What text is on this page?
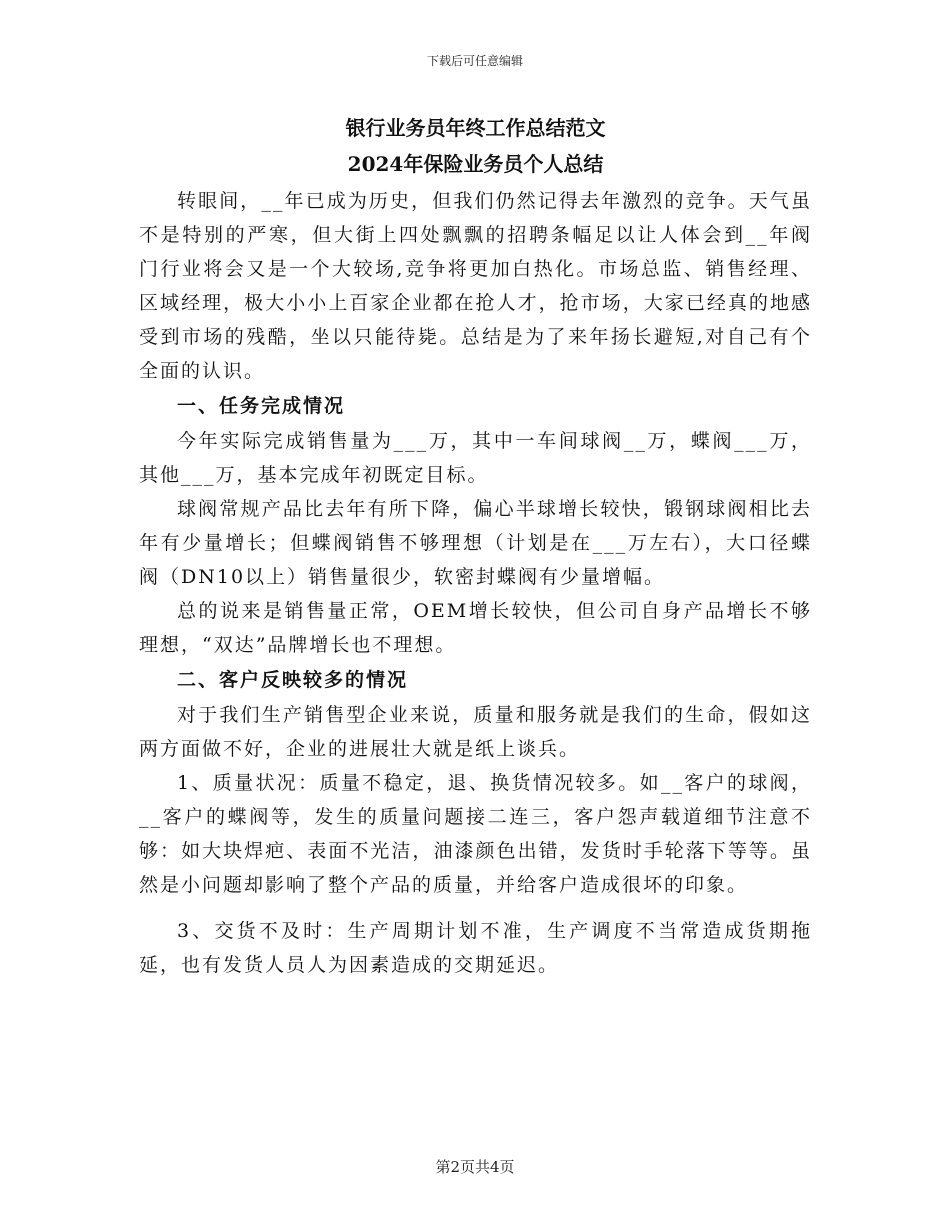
下载后可任意编辑
银行业务员年终工作总结范文
2024年保险业务员个人总结

转眼间，__年已成为历史，但我们仍然记得去年激烈的竞争。天气虽不是特别的严寒，但大街上四处飘飘的招聘条幅足以让人体会到__年阀门行业将会又是一个大较场,竞争将更加白热化。市场总监、销售经理、区域经理，极大小小上百家企业都在抢人才，抢市场，大家已经真的地感受到市场的残酷，坐以只能待毙。总结是为了来年扬长避短,对自己有个全面的认识。

一、任务完成情况

今年实际完成销售量为___万，其中一车间球阀__万，蝶阀___万，其他___万，基本完成年初既定目标。

球阀常规产品比去年有所下降，偏心半球增长较快，锻钢球阀相比去年有少量增长；但蝶阀销售不够理想（计划是在___万左右），大口径蝶阀（DN10以上）销售量很少，软密封蝶阀有少量增幅。

总的说来是销售量正常，OEM增长较快，但公司自身产品增长不够理想，“双达”品牌增长也不理想。

二、客户反映较多的情况

对于我们生产销售型企业来说，质量和服务就是我们的生命，假如这两方面做不好，企业的进展壮大就是纸上谈兵。

1、质量状况：质量不稳定，退、换货情况较多。如__客户的球阀，__客户的蝶阀等，发生的质量问题接二连三，客户怨声载道细节注意不够：如大块焊疤、表面不光洁，油漆颜色出错，发货时手轮落下等等。虽然是小问题却影响了整个产品的质量，并给客户造成很坏的印象。

3、交货不及时：生产周期计划不准，生产调度不当常造成货期拖延，也有发货人员人为因素造成的交期延迟。

第2页共4页
